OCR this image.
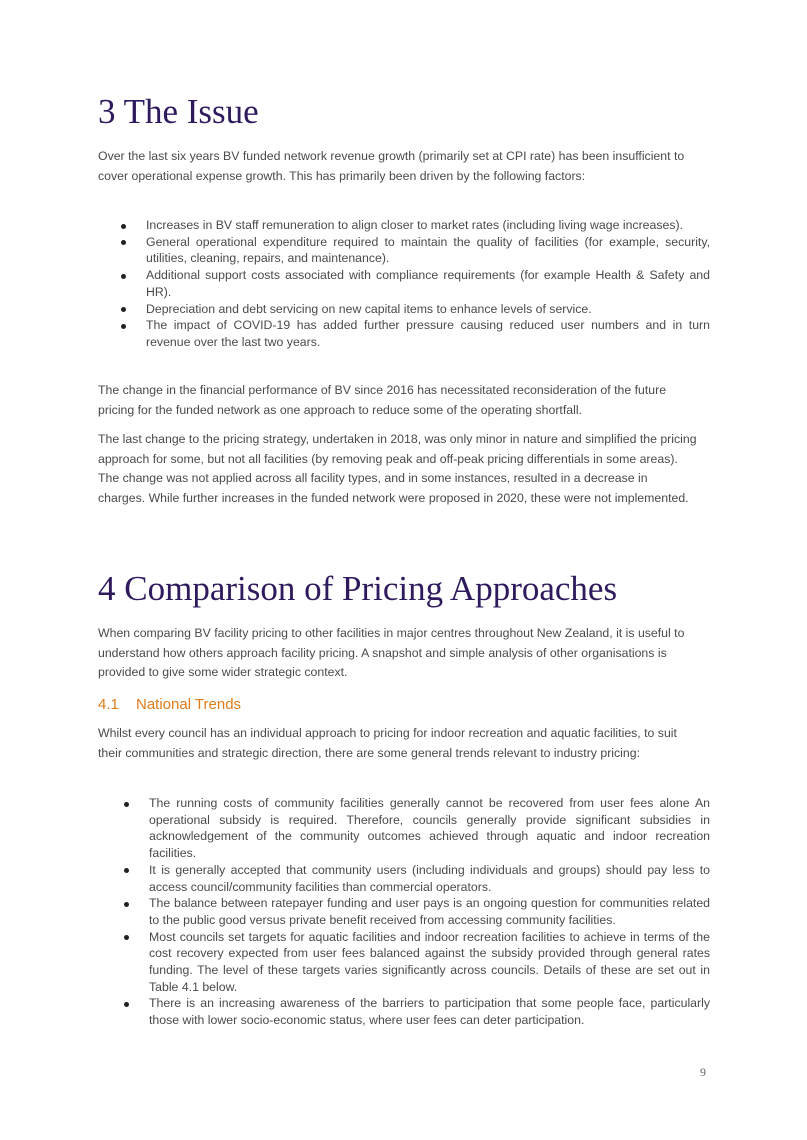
3 The Issue

Over the last six years BV funded network revenue growth (primarily set at CPI rate) has been insufficient to cover operational expense growth. This has primarily been driven by the following factors:

Increases in BV staff remuneration to align closer to market rates (including living wage increases).
General operational expenditure required to maintain the quality of facilities (for example, security, utilities, cleaning, repairs, and maintenance).
Additional support costs associated with compliance requirements (for example Health & Safety and HR).
Depreciation and debt servicing on new capital items to enhance levels of service.
The impact of COVID-19 has added further pressure causing reduced user numbers and in turn revenue over the last two years.

The change in the financial performance of BV since 2016 has necessitated reconsideration of the future pricing for the funded network as one approach to reduce some of the operating shortfall.

The last change to the pricing strategy, undertaken in 2018, was only minor in nature and simplified the pricing approach for some, but not all facilities (by removing peak and off-peak pricing differentials in some areas). The change was not applied across all facility types, and in some instances, resulted in a decrease in charges. While further increases in the funded network were proposed in 2020, these were not implemented.

4 Comparison of Pricing Approaches

When comparing BV facility pricing to other facilities in major centres throughout New Zealand, it is useful to understand how others approach facility pricing. A snapshot and simple analysis of other organisations is provided to give some wider strategic context.

4.1 National Trends

Whilst every council has an individual approach to pricing for indoor recreation and aquatic facilities, to suit their communities and strategic direction, there are some general trends relevant to industry pricing:

The running costs of community facilities generally cannot be recovered from user fees alone An operational subsidy is required. Therefore, councils generally provide significant subsidies in acknowledgement of the community outcomes achieved through aquatic and indoor recreation facilities.
It is generally accepted that community users (including individuals and groups) should pay less to access council/community facilities than commercial operators.
The balance between ratepayer funding and user pays is an ongoing question for communities related to the public good versus private benefit received from accessing community facilities.
Most councils set targets for aquatic facilities and indoor recreation facilities to achieve in terms of the cost recovery expected from user fees balanced against the subsidy provided through general rates funding. The level of these targets varies significantly across councils. Details of these are set out in Table 4.1 below.
There is an increasing awareness of the barriers to participation that some people face, particularly those with lower socio-economic status, where user fees can deter participation.
9
